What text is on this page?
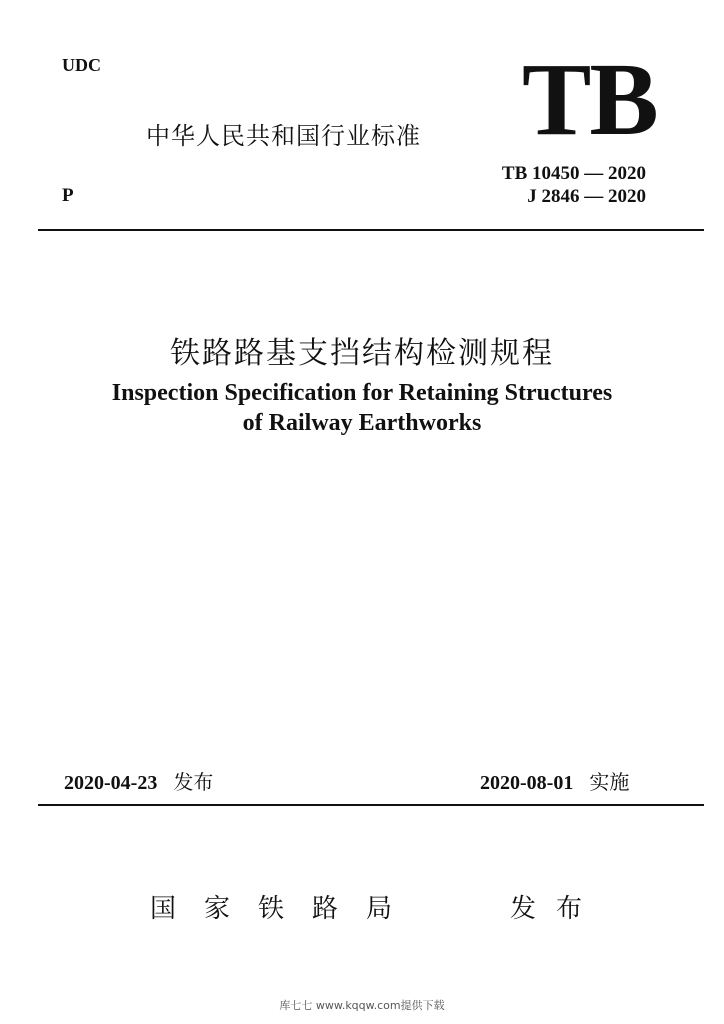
UDC	TB
中华人民共和国行业标准
P
TB 10450 — 2020
J 2846 — 2020
铁路路基支挡结构检测规程
Inspection Specification for Retaining Structures
of Railway Earthworks
2020-04-23 发布	2020-08-01 实施
国家铁路局	发布
库七七 www.kqqw.com提供下载
